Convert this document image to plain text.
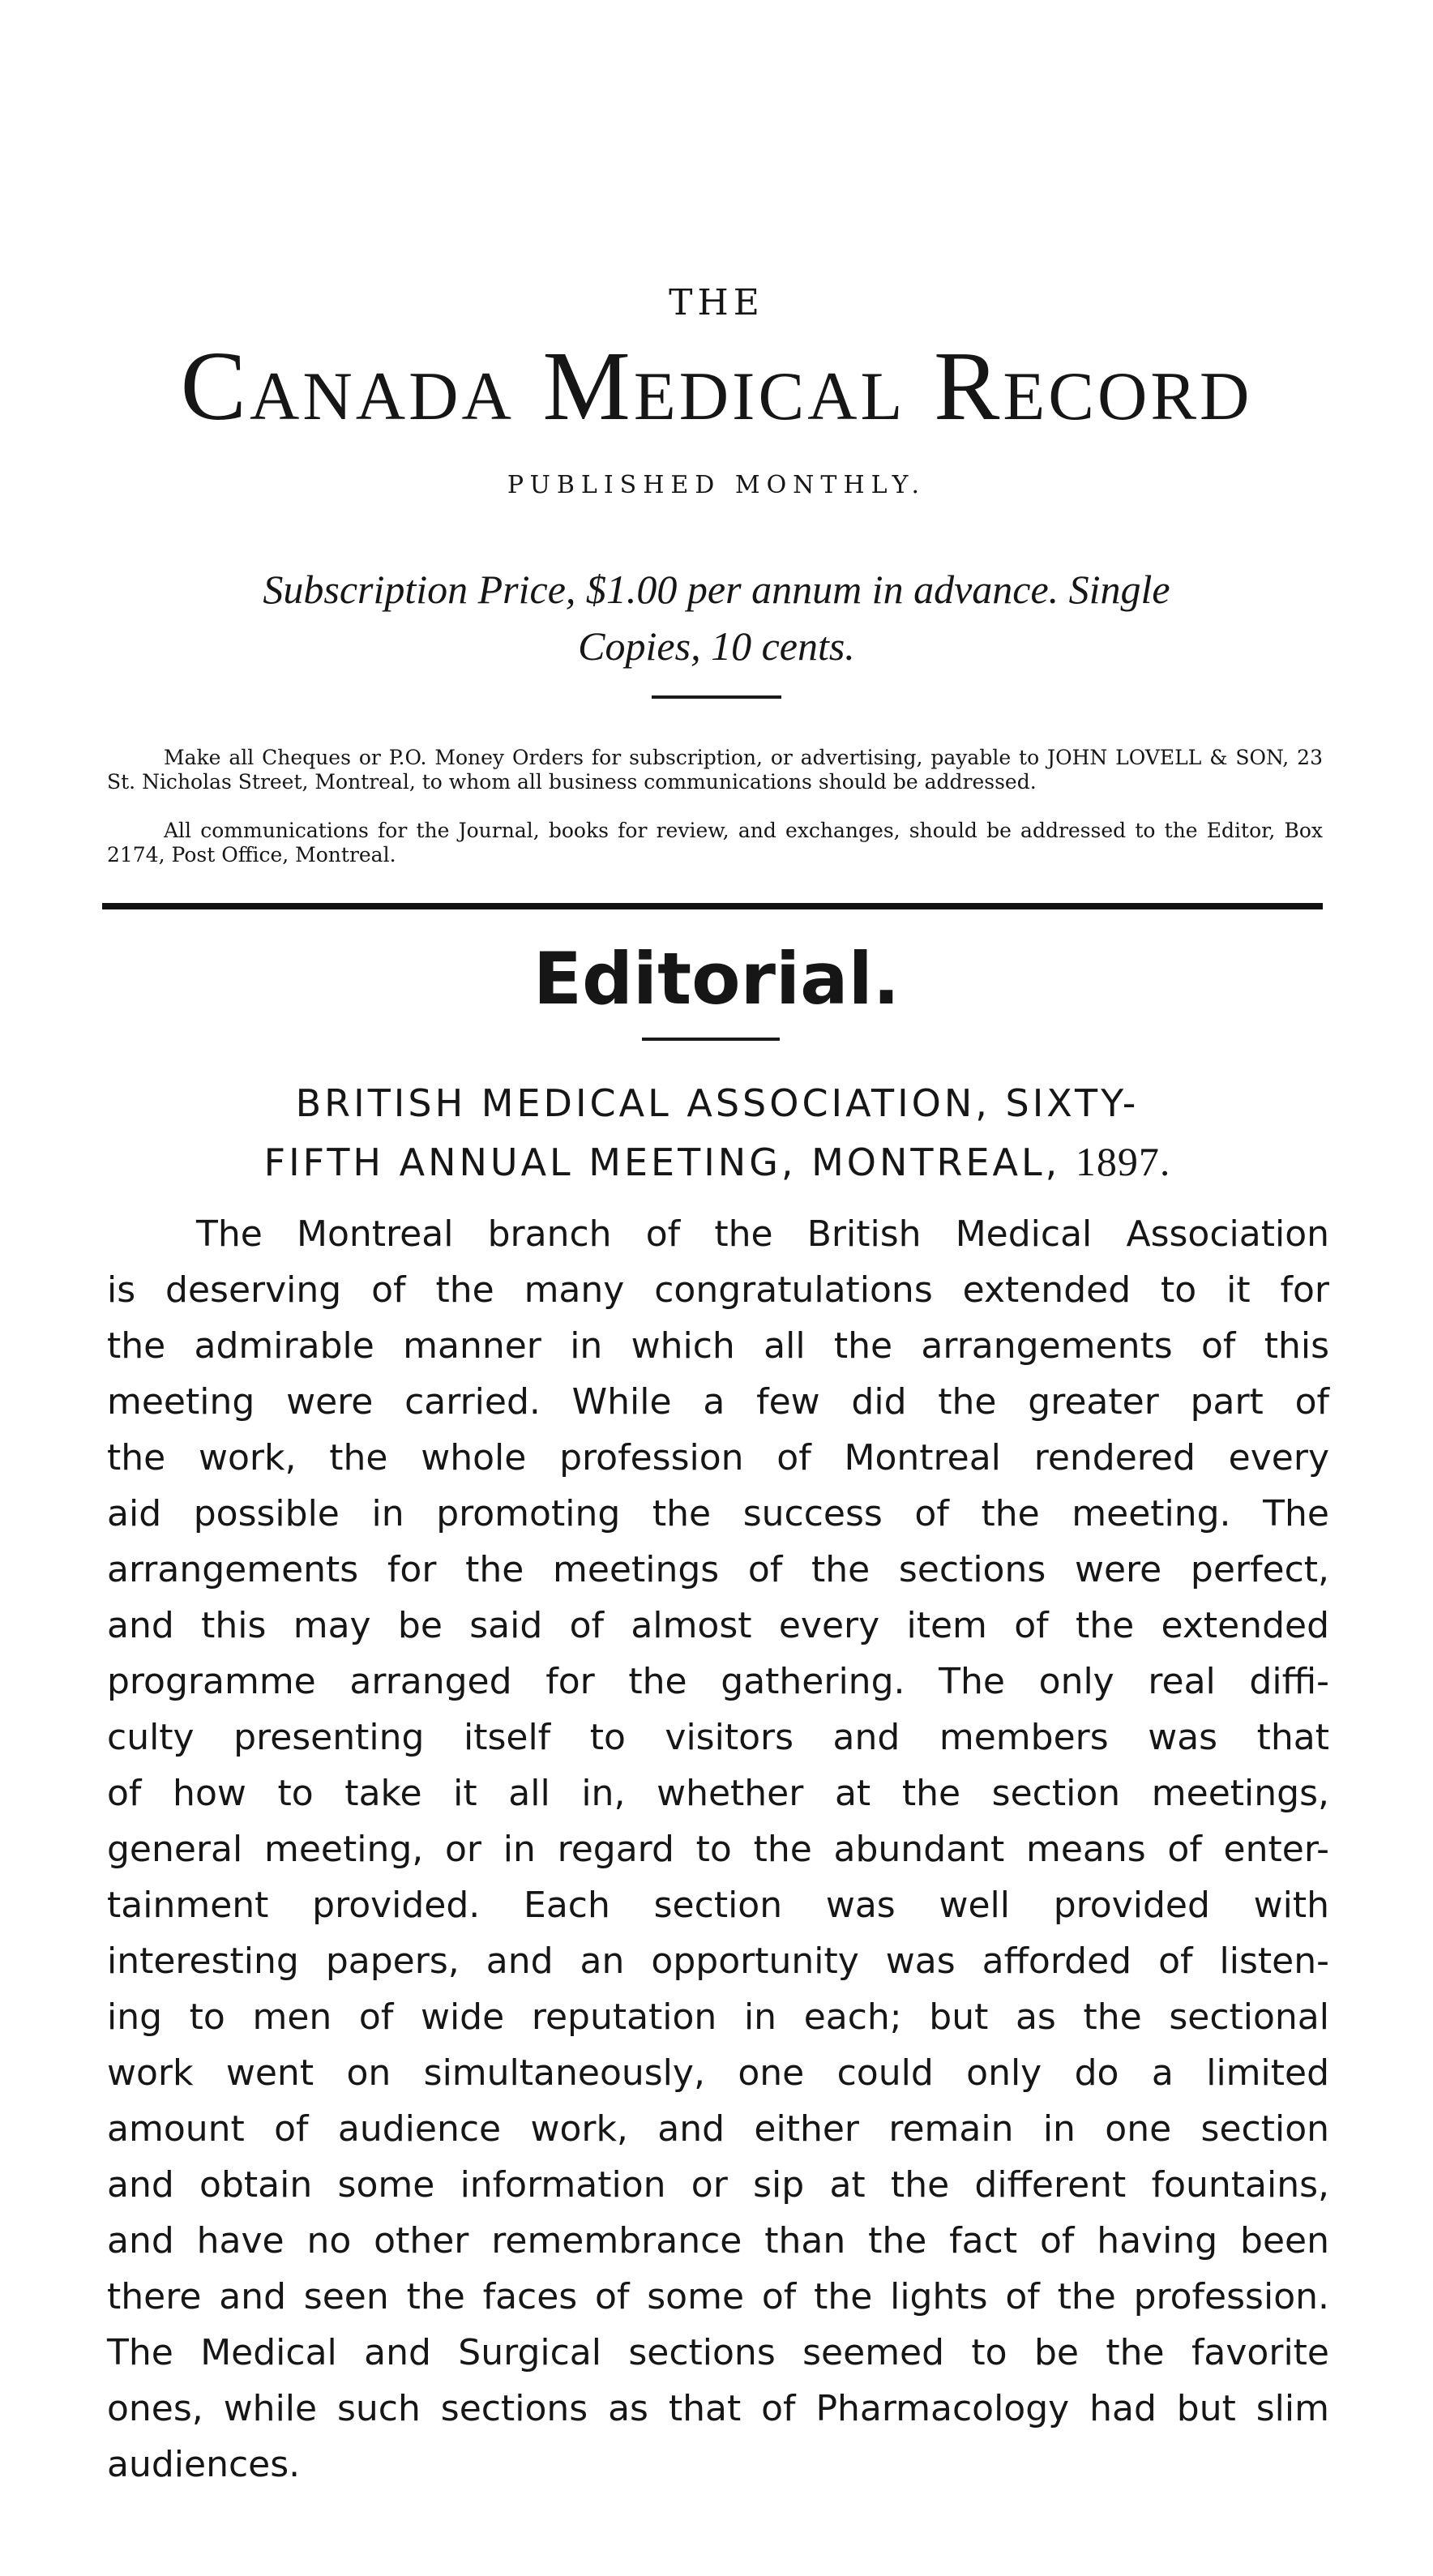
THE
Canada Medical Record
PUBLISHED MONTHLY.
Subscription Price, $1.00 per annum in advance. Single
Copies, 10 cents.
Make all Cheques or P.O. Money Orders for subscription, or advertising, payable to JOHN LOVELL & SON, 23 St. Nicholas Street, Montreal, to whom all business communications should be addressed.
All communications for the Journal, books for review, and exchanges, should be addressed to the Editor, Box 2174, Post Office, Montreal.
Editorial.
BRITISH MEDICAL ASSOCIATION, SIXTY-
FIFTH ANNUAL MEETING, MONTREAL, 1897.
The Montreal branch of the British Medical Association
is deserving of the many congratulations extended to it for
the admirable manner in which all the arrangements of this
meeting were carried. While a few did the greater part of
the work, the whole profession of Montreal rendered every
aid possible in promoting the success of the meeting. The
arrangements for the meetings of the sections were perfect,
and this may be said of almost every item of the extended
programme arranged for the gathering. The only real diffi-
culty presenting itself to visitors and members was that
of how to take it all in, whether at the section meetings,
general meeting, or in regard to the abundant means of enter-
tainment provided. Each section was well provided with
interesting papers, and an opportunity was afforded of listen-
ing to men of wide reputation in each; but as the sectional
work went on simultaneously, one could only do a limited
amount of audience work, and either remain in one section
and obtain some information or sip at the different fountains,
and have no other remembrance than the fact of having been
there and seen the faces of some of the lights of the profession.
The Medical and Surgical sections seemed to be the favorite
ones, while such sections as that of Pharmacology had but slim
audiences.
